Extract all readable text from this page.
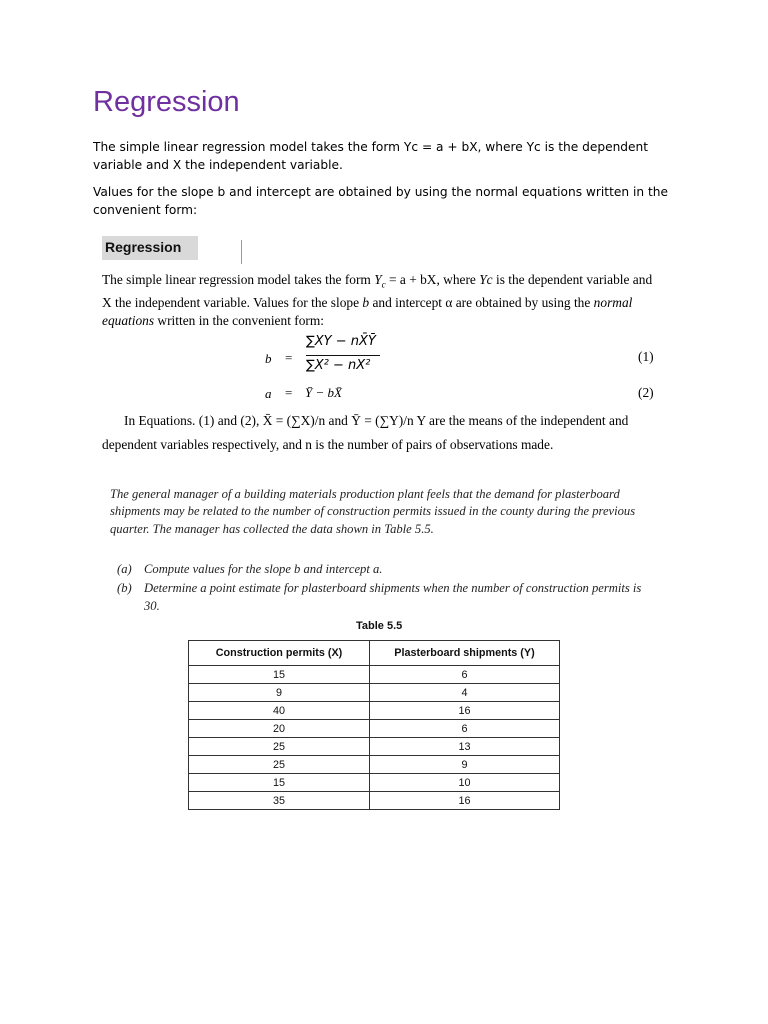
Regression

The simple linear regression model takes the form Yc = a + bX, where Yc is the dependent variable and X the independent variable.

Values for the slope b and intercept are obtained by using the normal equations written in the convenient form:

Regression
The simple linear regression model takes the form $Y_c = a$ + bX, where Yc is the dependent variable and X the independent variable. Values for the slope b and intercept α are obtained by using the normal equations written in the convenient form:
b =
∑XY − nX̄Ȳ
∑X² − nX²
(1)
a = Ȳ − bX̄	(2)
In Equations. (1) and (2), X̄ = (∑X)/n and Ȳ = (∑Y)/n Y are the means of the independent and dependent variables respectively, and n is the number of pairs of observations made.
The general manager of a building materials production plant feels that the demand for plasterboard shipments may be related to the number of construction permits issued in the county during the previous quarter. The manager has collected the data shown in Table 5.5.
(a) Compute values for the slope b and intercept a.
(b) Determine a point estimate for plasterboard shipments when the number of construction permits is 30.
Table 5.5
Construction permits (X)	Plasterboard shipments (Y)
15	6
9	4
40	16
20	6
25	13
25	9
15	10
35	16
